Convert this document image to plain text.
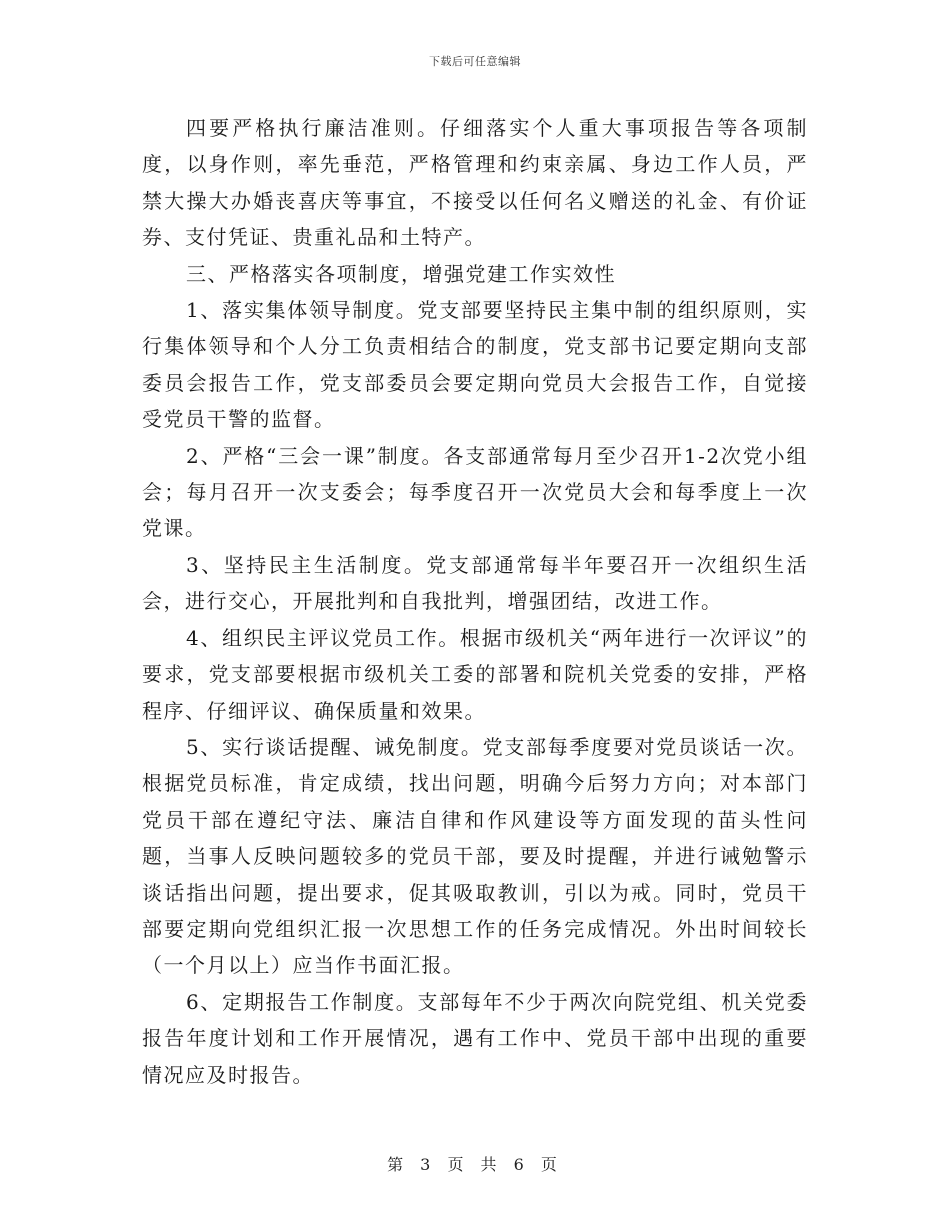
下载后可任意编辑

四要严格执行廉洁准则。仔细落实个人重大事项报告等各项制度，以身作则，率先垂范，严格管理和约束亲属、身边工作人员，严禁大操大办婚丧喜庆等事宜，不接受以任何名义赠送的礼金、有价证券、支付凭证、贵重礼品和土特产。

三、严格落实各项制度，增强党建工作实效性

1、落实集体领导制度。党支部要坚持民主集中制的组织原则，实行集体领导和个人分工负责相结合的制度，党支部书记要定期向支部委员会报告工作，党支部委员会要定期向党员大会报告工作，自觉接受党员干警的监督。

2、严格“三会一课”制度。各支部通常每月至少召开1-2次党小组会；每月召开一次支委会；每季度召开一次党员大会和每季度上一次党课。

3、坚持民主生活制度。党支部通常每半年要召开一次组织生活会，进行交心，开展批判和自我批判，增强团结，改进工作。

4、组织民主评议党员工作。根据市级机关“两年进行一次评议”的要求，党支部要根据市级机关工委的部署和院机关党委的安排，严格程序、仔细评议、确保质量和效果。

5、实行谈话提醒、诫免制度。党支部每季度要对党员谈话一次。根据党员标准，肯定成绩，找出问题，明确今后努力方向；对本部门党员干部在遵纪守法、廉洁自律和作风建设等方面发现的苗头性问题，当事人反映问题较多的党员干部，要及时提醒，并进行诫勉警示谈话指出问题，提出要求，促其吸取教训，引以为戒。同时，党员干部要定期向党组织汇报一次思想工作的任务完成情况。外出时间较长（一个月以上）应当作书面汇报。

6、定期报告工作制度。支部每年不少于两次向院党组、机关党委报告年度计划和工作开展情况，遇有工作中、党员干部中出现的重要情况应及时报告。

第 3 页 共 6 页
